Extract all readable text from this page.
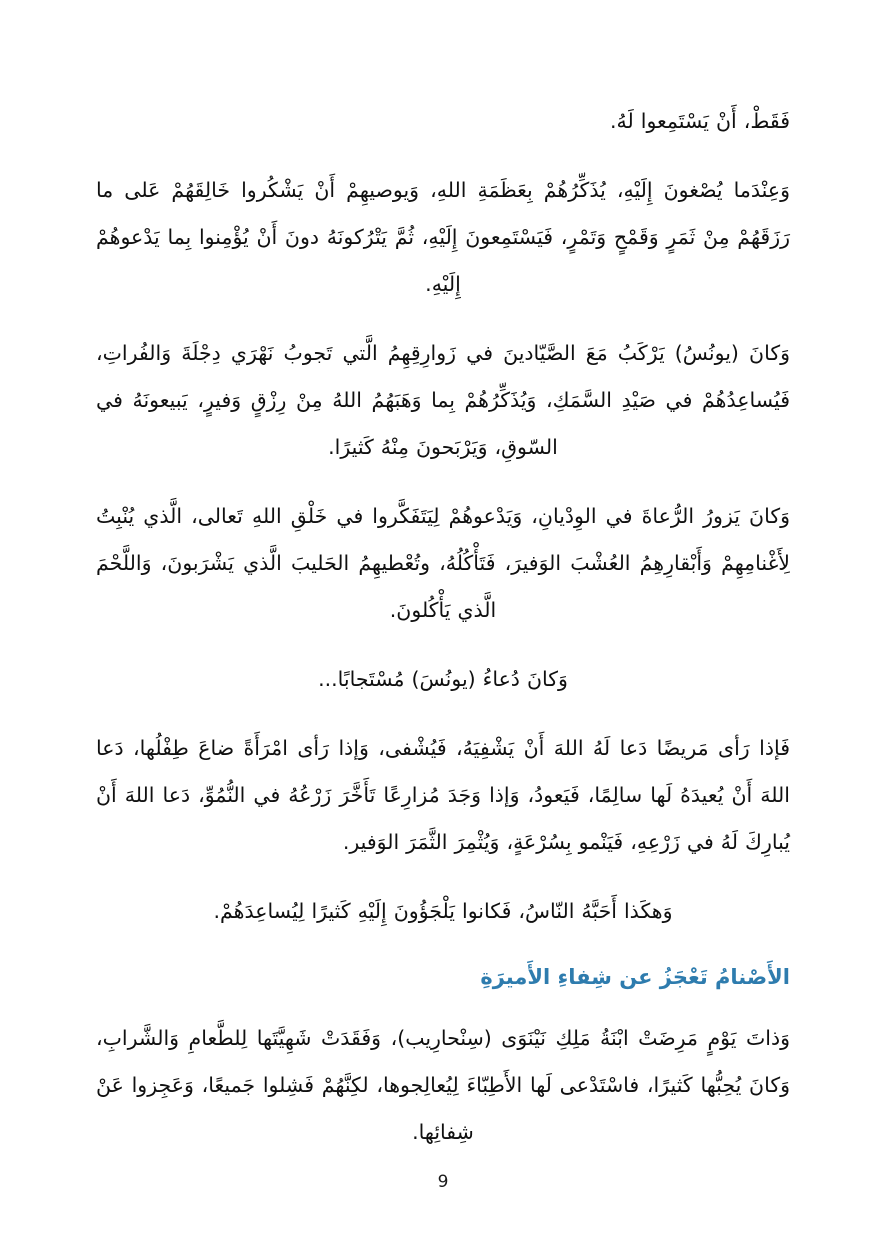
فَقَطْ، أَنْ يَسْتَمِعوا لَهُ.

وَعِنْدَما يُصْغونَ إِلَيْهِ، يُذَكِّرُهُمْ بِعَظَمَةِ اللهِ، وَيوصيهِمْ أَنْ يَشْكُروا خَالِقَهُمْ عَلى ما رَزَقَهُمْ مِنْ ثَمَرٍ وَقَمْحٍ وَتَمْرٍ، فَيَسْتَمِعونَ إِلَيْهِ، ثُمَّ يَتْرُكونَهُ دونَ أَنْ يُؤْمِنوا بِما يَدْعوهُمْ إِلَيْهِ.

وَكانَ (يونُسُ) يَرْكَبُ مَعَ الصَّيّادينَ في زَوارِقِهِمُ الَّتي تَجوبُ نَهْرَي دِجْلَةَ وَالفُراتِ، فَيُساعِدُهُمْ في صَيْدِ السَّمَكِ، وَيُذَكِّرُهُمْ بِما وَهَبَهُمُ اللهُ مِنْ رِزْقٍ وَفيرٍ، يَبيعونَهُ في السّوقِ، وَيَرْبَحونَ مِنْهُ كَثيرًا.

وَكانَ يَزورُ الرُّعاةَ في الوِدْيانِ، وَيَدْعوهُمْ لِيَتَفَكَّروا في خَلْقِ اللهِ تَعالى، الَّذي يُنْبِتُ لِأَغْنامِهِمْ وَأَبْقارِهِمُ العُشْبَ الوَفيرَ، فَتَأْكُلُهُ، وتُعْطيهِمُ الحَليبَ الَّذي يَشْرَبونَ، وَاللَّحْمَ الَّذي يَأْكُلونَ.

وَكانَ دُعاءُ (يونُسَ) مُسْتَجابًا...

فَإذا رَأى مَريضًا دَعا لَهُ اللهَ أَنْ يَشْفِيَهُ، فَيُشْفى، وَإذا رَأى امْرَأَةً ضاعَ طِفْلُها، دَعا اللهَ أَنْ يُعيدَهُ لَها سالِمًا، فَيَعودُ، وَإذا وَجَدَ مُزارِعًا تَأَخَّرَ زَرْعُهُ في النُّمُوِّ، دَعا اللهَ أَنْ يُبارِكَ لَهُ في زَرْعِهِ، فَيَنْمو بِسُرْعَةٍ، وَيُثْمِرَ الثَّمَرَ الوَفير.

وَهكَذا أَحَبَّهُ النّاسُ، فَكانوا يَلْجَؤُونَ إِلَيْهِ كَثيرًا لِيُساعِدَهُمْ.

الأَصْنامُ تَعْجَزُ عن شِفاءِ الأَميرَةِ

وَذاتَ يَوْمٍ مَرِضَتْ ابْنَةُ مَلِكِ نَيْنَوَى (سِنْحارِيب)، وَفَقَدَتْ شَهِيَّتَها لِلطَّعامِ وَالشَّرابِ، وَكانَ يُحِبُّها كَثيرًا، فاسْتَدْعى لَها الأَطِبّاءَ لِيُعالِجوها، لكِنَّهُمْ فَشِلوا جَميعًا، وَعَجِزوا عَنْ شِفائِها.

9
